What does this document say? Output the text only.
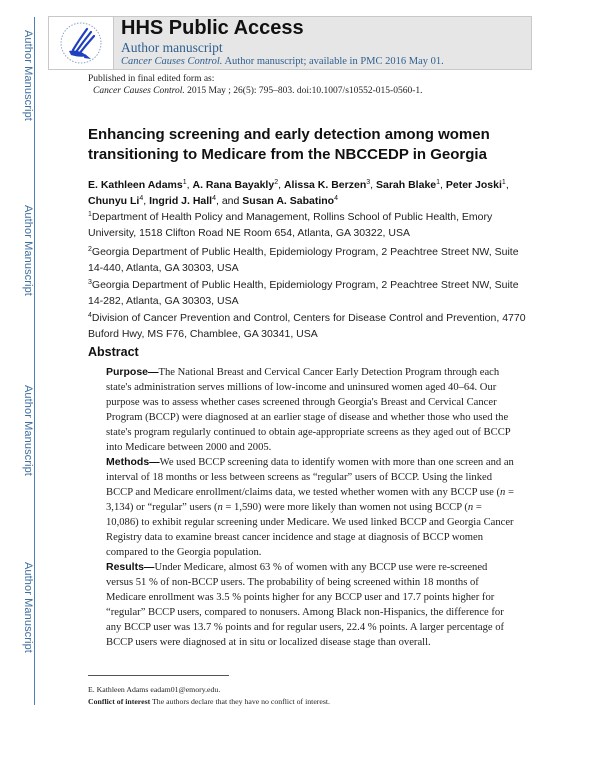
Author Manuscript
Author Manuscript
Author Manuscript
Author Manuscript
HHS Public Access
Author manuscript
Cancer Causes Control. Author manuscript; available in PMC 2016 May 01.
Published in final edited form as:
Cancer Causes Control. 2015 May ; 26(5): 795–803. doi:10.1007/s10552-015-0560-1.
Enhancing screening and early detection among women transitioning to Medicare from the NBCCEDP in Georgia
E. Kathleen Adams$^1$, A. Rana Bayakly$^2$, Alissa K. Berzen$^3$, Sarah Blake$^1$, Peter Joski$^1$, Chunyu Li$^4$, Ingrid J. Hall$^4$, and Susan A. Sabatino$^4$
$^1$Department of Health Policy and Management, Rollins School of Public Health, Emory University, 1518 Clifton Road NE Room 654, Atlanta, GA 30322, USA
$^2$Georgia Department of Public Health, Epidemiology Program, 2 Peachtree Street NW, Suite 14-440, Atlanta, GA 30303, USA
$^3$Georgia Department of Public Health, Epidemiology Program, 2 Peachtree Street NW, Suite 14-282, Atlanta, GA 30303, USA
$^4$Division of Cancer Prevention and Control, Centers for Disease Control and Prevention, 4770 Buford Hwy, MS F76, Chamblee, GA 30341, USA
Abstract
Purpose—The National Breast and Cervical Cancer Early Detection Program through each state's administration serves millions of low-income and uninsured women aged 40–64. Our purpose was to assess whether cases screened through Georgia's Breast and Cervical Cancer Program (BCCP) were diagnosed at an earlier stage of disease and whether those who used the state's program regularly continued to obtain age-appropriate screens as they aged out of BCCP into Medicare between 2000 and 2005.
Methods—We used BCCP screening data to identify women with more than one screen and an interval of 18 months or less between screens as “regular” users of BCCP. Using the linked BCCP and Medicare enrollment/claims data, we tested whether women with any BCCP use (n = 3,134) or “regular” users (n = 1,590) were more likely than women not using BCCP (n = 10,086) to exhibit regular screening under Medicare. We used linked BCCP and Georgia Cancer Registry data to examine breast cancer incidence and stage at diagnosis of BCCP women compared to the Georgia population.
Results—Under Medicare, almost 63 % of women with any BCCP use were re-screened versus 51 % of non-BCCP users. The probability of being screened within 18 months of Medicare enrollment was 3.5 % points higher for any BCCP user and 17.7 points higher for “regular” BCCP users, compared to nonusers. Among Black non-Hispanics, the difference for any BCCP user was 13.7 % points and for regular users, 22.4 % points. A larger percentage of BCCP users were diagnosed at in situ or localized disease stage than overall.
E. Kathleen Adams eadam01@emory.edu.
Conflict of interest The authors declare that they have no conflict of interest.
